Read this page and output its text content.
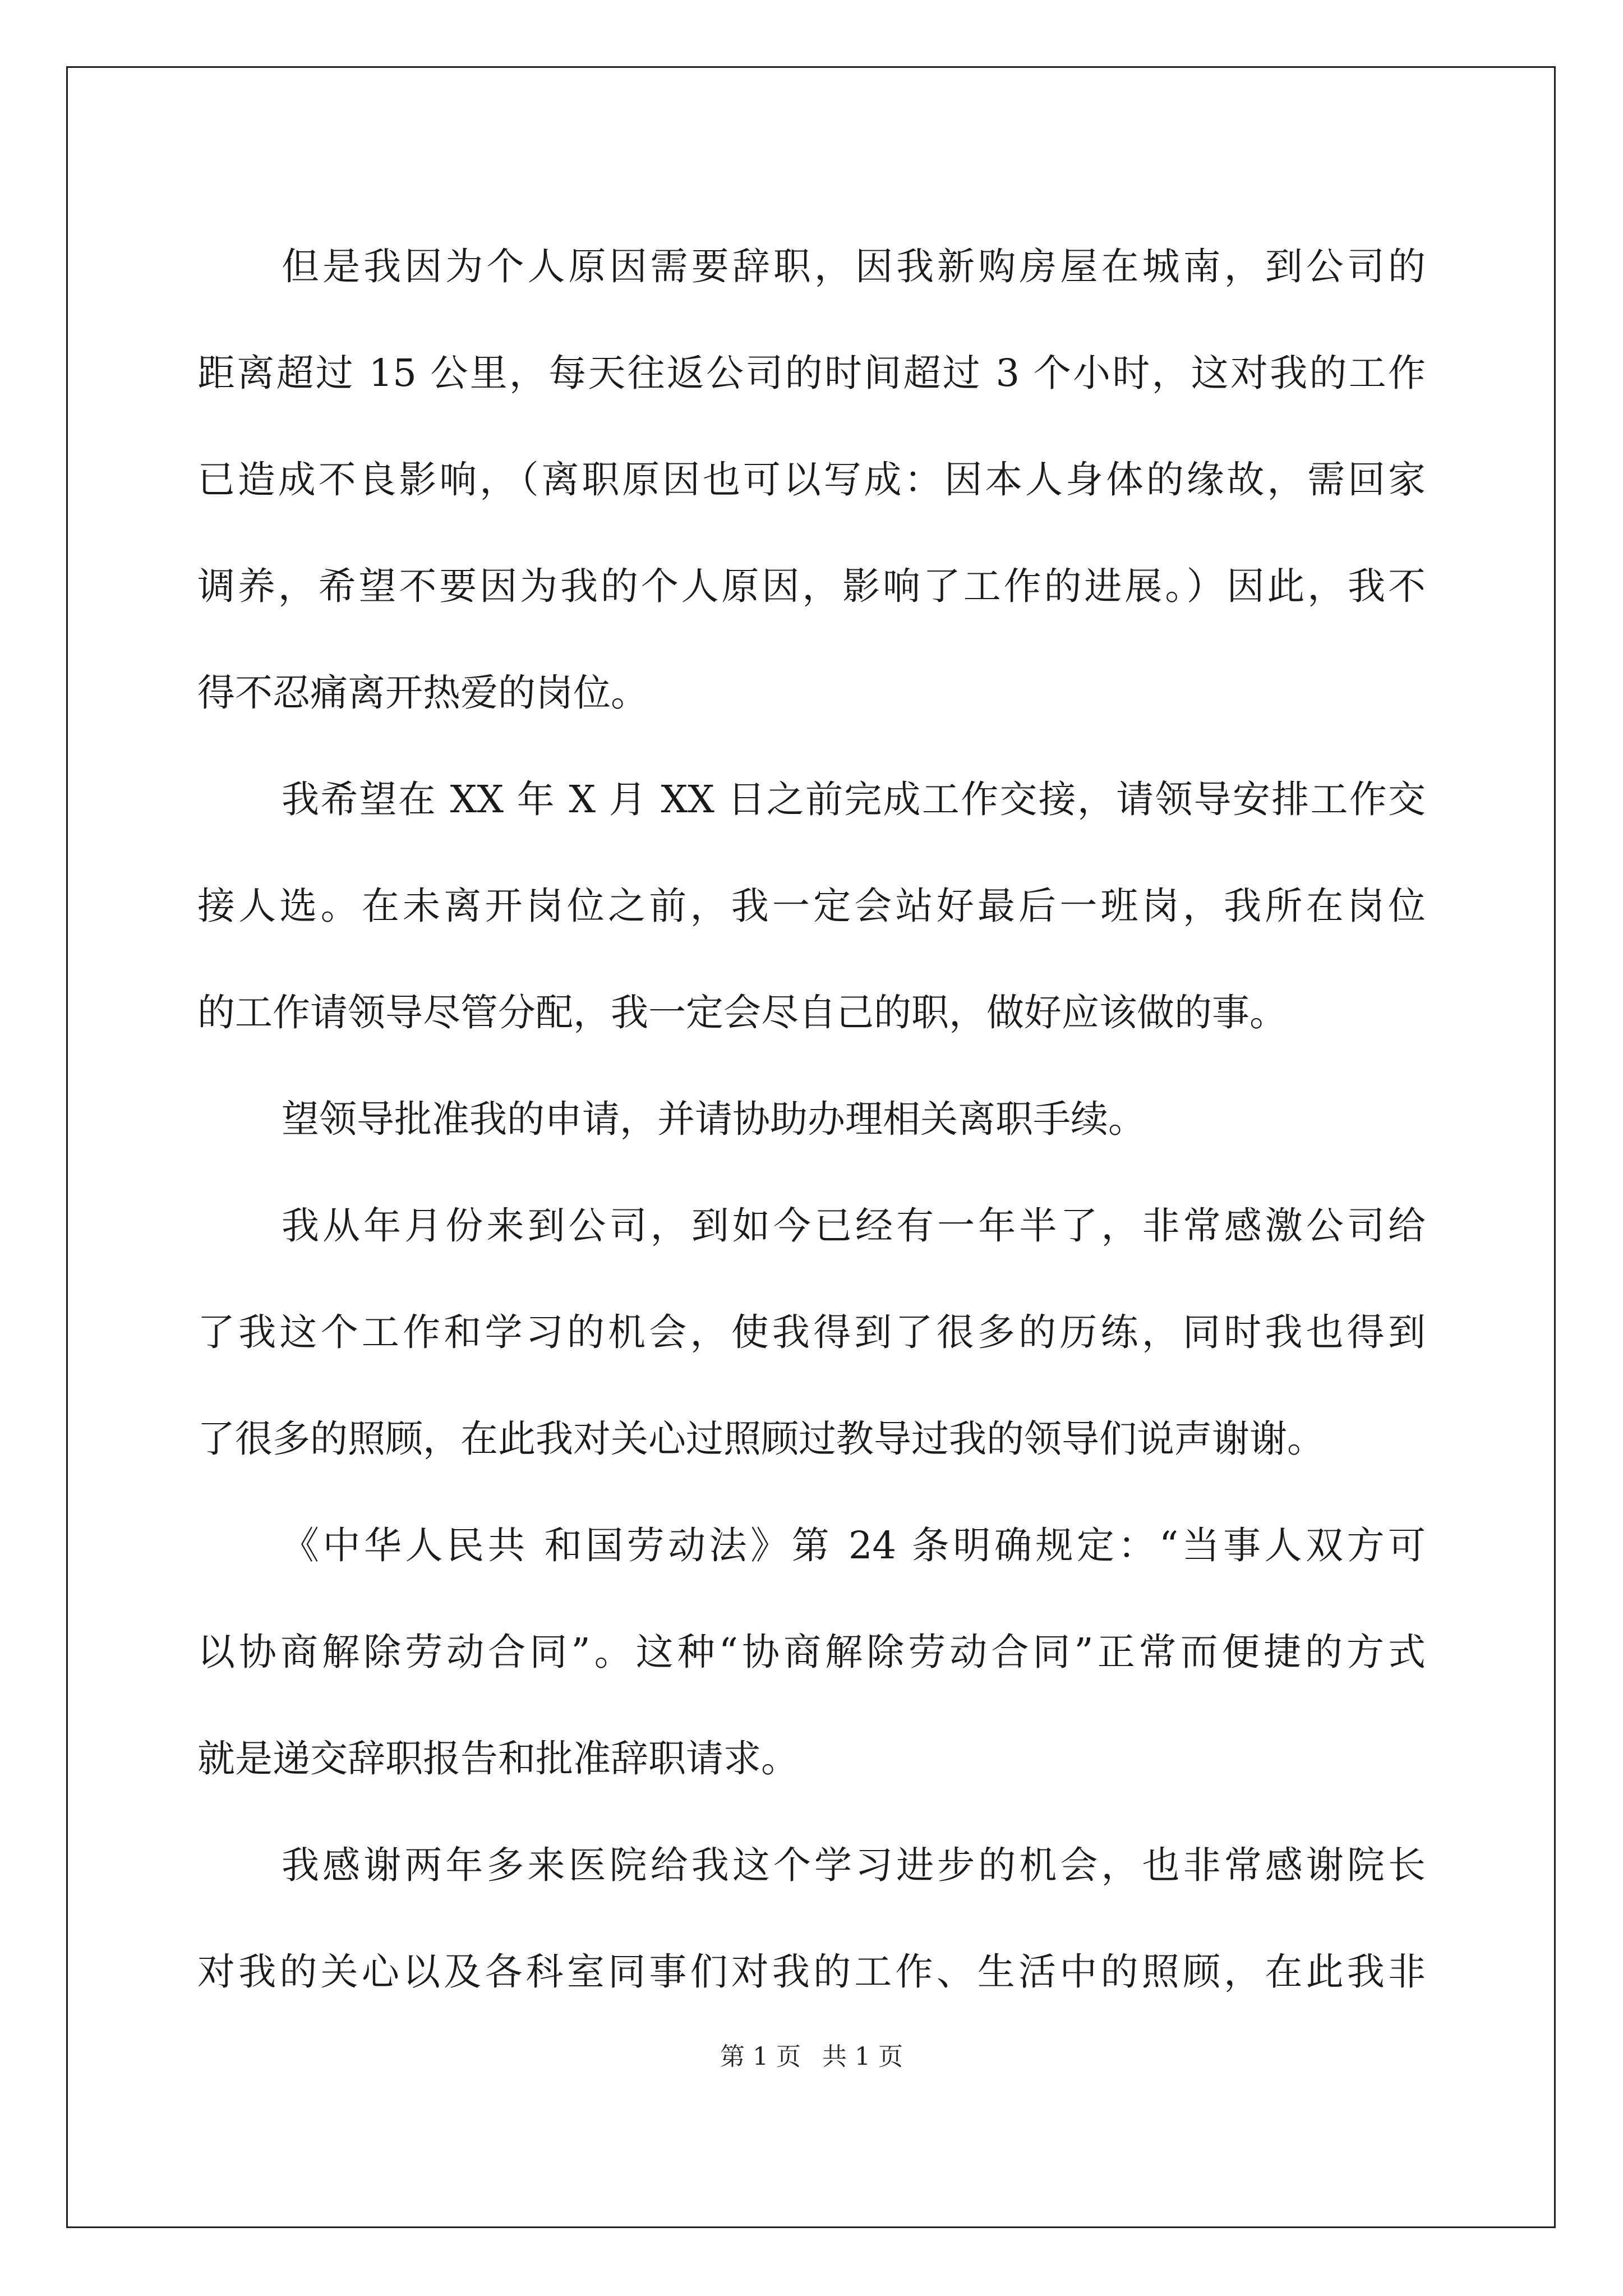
但是我因为个人原因需要辞职，因我新购房屋在城南，到公司的
距离超过 15 公里，每天往返公司的时间超过 3 个小时，这对我的工作
已造成不良影响，（离职原因也可以写成：因本人身体的缘故，需回家
调养，希望不要因为我的个人原因，影响了工作的进展。）因此，我不
得不忍痛离开热爱的岗位。
我希望在 XX 年 X 月 XX 日之前完成工作交接，请领导安排工作交
接人选。在未离开岗位之前，我一定会站好最后一班岗，我所在岗位
的工作请领导尽管分配，我一定会尽自己的职，做好应该做的事。
望领导批准我的申请，并请协助办理相关离职手续。
我从年月份来到公司，到如今已经有一年半了，非常感激公司给
了我这个工作和学习的机会，使我得到了很多的历练，同时我也得到
了很多的照顾，在此我对关心过照顾过教导过我的领导们说声谢谢。
《中华人民共 和国劳动法》第 24 条明确规定：“当事人双方可
以协商解除劳动合同”。这种“协商解除劳动合同”正常而便捷的方式
就是递交辞职报告和批准辞职请求。
我感谢两年多来医院给我这个学习进步的机会，也非常感谢院长
对我的关心以及各科室同事们对我的工作、生活中的照顾，在此我非
第 1 页 共 1 页
